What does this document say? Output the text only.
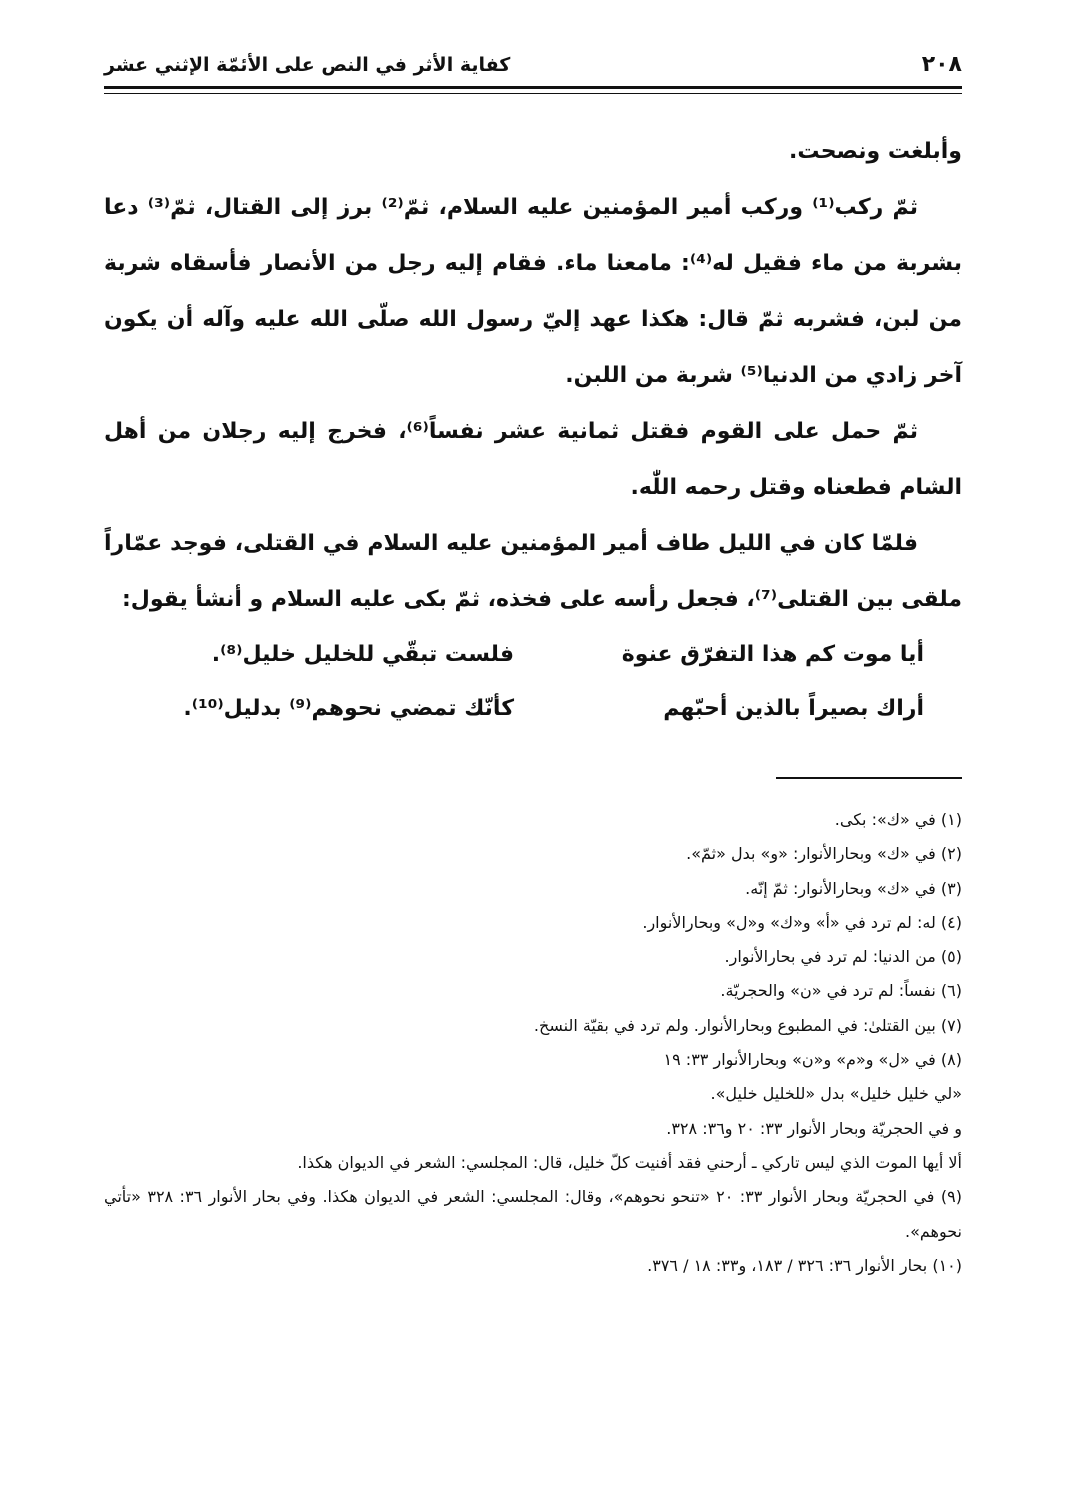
٢٠٨
كفاية الأثر في النص على الأئمّة الإثني عشر

وأبلغت ونصحت.

ثمّ ركب⁽¹⁾ وركب أمير المؤمنين عليه السلام، ثمّ⁽²⁾ برز إلى القتال، ثمّ⁽³⁾ دعا بشربة من ماء فقيل له⁽⁴⁾: مامعنا ماء. فقام إليه رجل من الأنصار فأسقاه شربة من لبن، فشربه ثمّ قال: هكذا عهد إليّ رسول الله صلّى الله عليه وآله أن يكون آخر زادي من الدنيا⁽⁵⁾ شربة من اللبن.

ثمّ حمل على القوم فقتل ثمانية عشر نفساً⁽⁶⁾، فخرج إليه رجلان من أهل الشام فطعناه وقتل رحمه اللّٰه.

فلمّا كان في الليل طاف أمير المؤمنين عليه السلام في القتلى، فوجد عمّاراً ملقى بين القتلى⁽⁷⁾، فجعل رأسه على فخذه، ثمّ بكى عليه السلام و أنشأ يقول:

أيا موت كم هذا التفرّق عنوة
فلست تبقّي للخليل خليل⁽⁸⁾.
أراك بصيراً بالذين أحبّهم
كأنّك تمضي نحوهم⁽⁹⁾ بدليل⁽¹⁰⁾.

(١) في «ك»: بكى.

(٢) في «ك» وبحارالأنوار: «و» بدل «ثمّ».

(٣) في «ك» وبحارالأنوار: ثمّ إنّه.

(٤) له: لم ترد في «أ» و«ك» و«ل» وبحارالأنوار.

(٥) من الدنيا: لم ترد في بحارالأنوار.

(٦) نفساً: لم ترد في «ن» والحجريّة.

(٧) بين القتلىٰ: في المطبوع وبحارالأنوار. ولم ترد في بقيّة النسخ.

(٨) في «ل» و«م» و«ن» وبحارالأنوار ٣٣: ١٩

«لي خليل خليل» بدل «للخليل خليل».

و في الحجريّة وبحار الأنوار ٣٣: ٢٠ و٣٦: ٣٢٨.

ألا أيها الموت الذي ليس تاركي ـ أرحني فقد أفنيت كلّ خليل، قال: المجلسي: الشعر في الديوان هكذا.

(٩) في الحجريّة وبحار الأنوار ٣٣: ٢٠ «تنحو نحوهم»، وقال: المجلسي: الشعر في الديوان هكذا. وفي بحار الأنوار ٣٦: ٣٢٨ «تأتي نحوهم».

(١٠) بحار الأنوار ٣٦: ٣٢٦ / ١٨٣، و٣٣: ١٨ / ٣٧٦.
